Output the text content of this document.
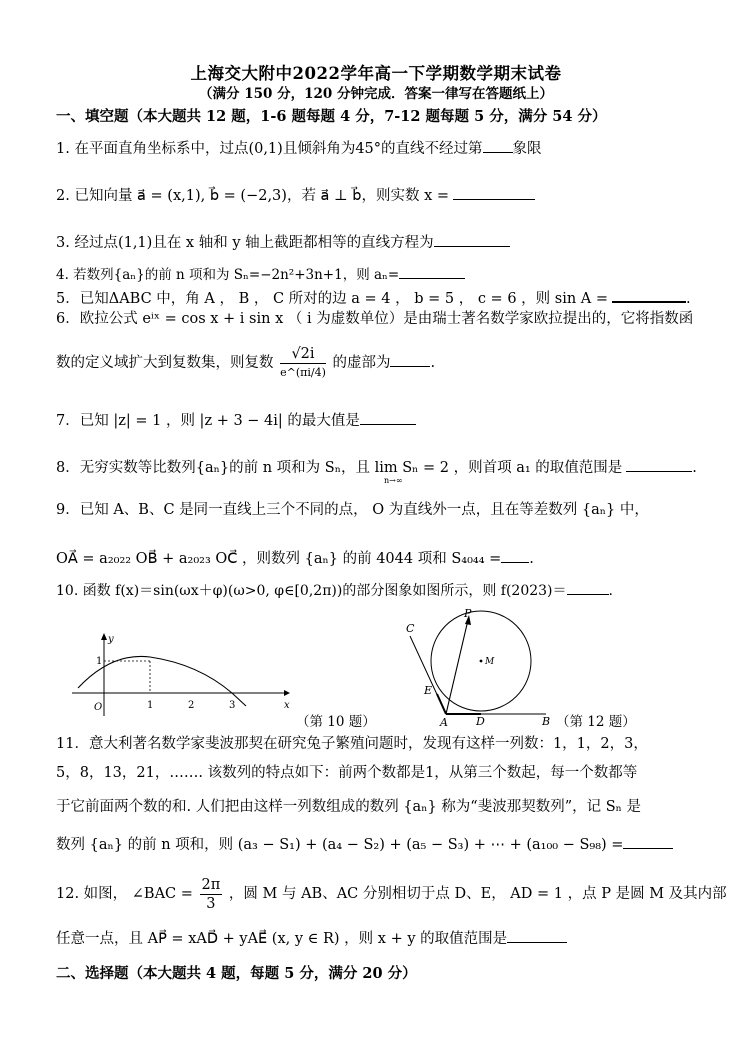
上海交大附中2022学年高一下学期数学期末试卷
（满分 150 分，120 分钟完成．答案一律写在答题纸上）
一、填空题（本大题共 12 题，1-6 题每题 4 分，7-12 题每题 5 分，满分 54 分）
1. 在平面直角坐标系中，过点(0,1)且倾斜角为45°的直线不经过第 象限
2. 已知向量 a⃗ = (x,1), b⃗ = (−2,3)，若 a⃗ ⊥ b⃗，则实数 x =
3. 经过点(1,1)且在 x 轴和 y 轴上截距都相等的直线方程为
4. 若数列{aₙ}的前 n 项和为 Sₙ=−2n²+3n+1，则 aₙ=
5．已知ΔABC 中，角 A ， B ， C 所对的边 a = 4 ， b = 5 ， c = 6 ，则 sin A =	.
6．欧拉公式 eⁱˣ = cos x + i sin x （ i 为虚数单位）是由瑞士著名数学家欧拉提出的，它将指数函
数的定义域扩大到复数集，则复数 $\frac{√2i}{e\^{}(\pi i/4)}$ 的虚部为	.
7．已知 |z| = 1 ，则 |z + 3 − 4i| 的最大值是
8．无穷实数等比数列{aₙ}的前 n 项和为 Sₙ，且 lim Sₙ = 2 ，则首项 a₁ 的取值范围是	.
n→∞
9．已知 A、B、C 是同一直线上三个不同的点， O 为直线外一点，且在等差数列 {aₙ} 中，
OA⃗ = a₂₀₂₂ OB⃗ + a₂₀₂₃ OC⃗ ，则数列 {aₙ} 的前 4044 项和 S₄₀₄₄ = .
10. 函数 f(x)＝sin(ωx＋φ)(ω>0, φ∈[0,2π))的部分图象如图所示，则 f(2023)＝	.
y
x
O
1
1	2	3
（第 10 题）
C
P
M
E
A	D	B （第 12 题）
11．意大利著名数学家斐波那契在研究兔子繁殖问题时，发现有这样一列数：1，1，2，3，
5，8，13，21，……. 该数列的特点如下：前两个数都是1，从第三个数起，每一个数都等
于它前面两个数的和. 人们把由这样一列数组成的数列 {aₙ} 称为“斐波那契数列”，记 Sₙ 是
数列 {aₙ} 的前 n 项和，则 (a₃ − S₁) + (a₄ − S₂) + (a₅ − S₃) + ⋯ + (a₁₀₀ − S₉₈) =
12. 如图， ∠BAC = $\frac{2\pi}{3}$ ，圆 M 与 AB、AC 分别相切于点 D、E， AD = 1 ，点 P 是圆 M 及其内部
任意一点，且 AP⃗ = xAD⃗ + yAE⃗ (x, y ∈ R) ，则 x + y 的取值范围是
二、选择题（本大题共 4 题，每题 5 分，满分 20 分）
